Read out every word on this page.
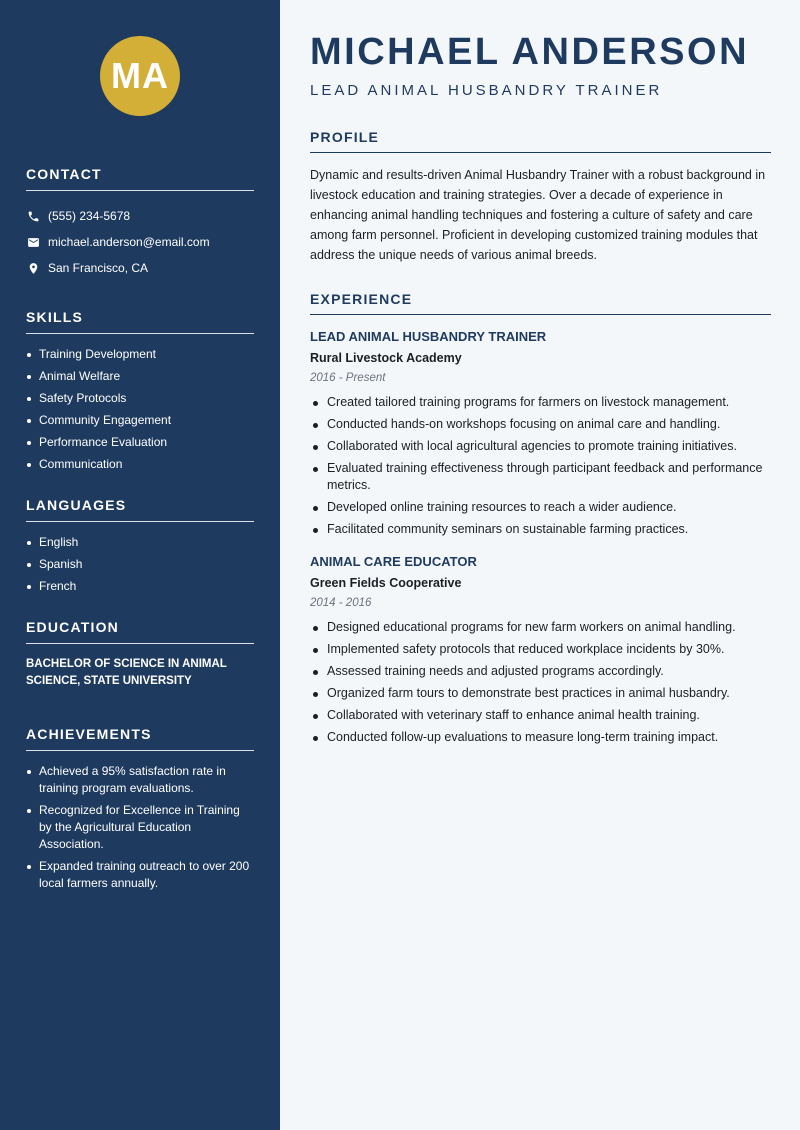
MA
CONTACT
(555) 234-5678
michael.anderson@email.com
San Francisco, CA
SKILLS
Training Development
Animal Welfare
Safety Protocols
Community Engagement
Performance Evaluation
Communication
LANGUAGES
English
Spanish
French
EDUCATION
BACHELOR OF SCIENCE IN ANIMAL SCIENCE, STATE UNIVERSITY
ACHIEVEMENTS
Achieved a 95% satisfaction rate in training program evaluations.
Recognized for Excellence in Training by the Agricultural Education Association.
Expanded training outreach to over 200 local farmers annually.
MICHAEL ANDERSON
LEAD ANIMAL HUSBANDRY TRAINER
PROFILE

Dynamic and results-driven Animal Husbandry Trainer with a robust background in livestock education and training strategies. Over a decade of experience in enhancing animal handling techniques and fostering a culture of safety and care among farm personnel. Proficient in developing customized training modules that address the unique needs of various animal breeds.

EXPERIENCE
LEAD ANIMAL HUSBANDRY TRAINER
Rural Livestock Academy
2016 - Present
Created tailored training programs for farmers on livestock management.
Conducted hands-on workshops focusing on animal care and handling.
Collaborated with local agricultural agencies to promote training initiatives.
Evaluated training effectiveness through participant feedback and performance metrics.
Developed online training resources to reach a wider audience.
Facilitated community seminars on sustainable farming practices.
ANIMAL CARE EDUCATOR
Green Fields Cooperative
2014 - 2016
Designed educational programs for new farm workers on animal handling.
Implemented safety protocols that reduced workplace incidents by 30%.
Assessed training needs and adjusted programs accordingly.
Organized farm tours to demonstrate best practices in animal husbandry.
Collaborated with veterinary staff to enhance animal health training.
Conducted follow-up evaluations to measure long-term training impact.
